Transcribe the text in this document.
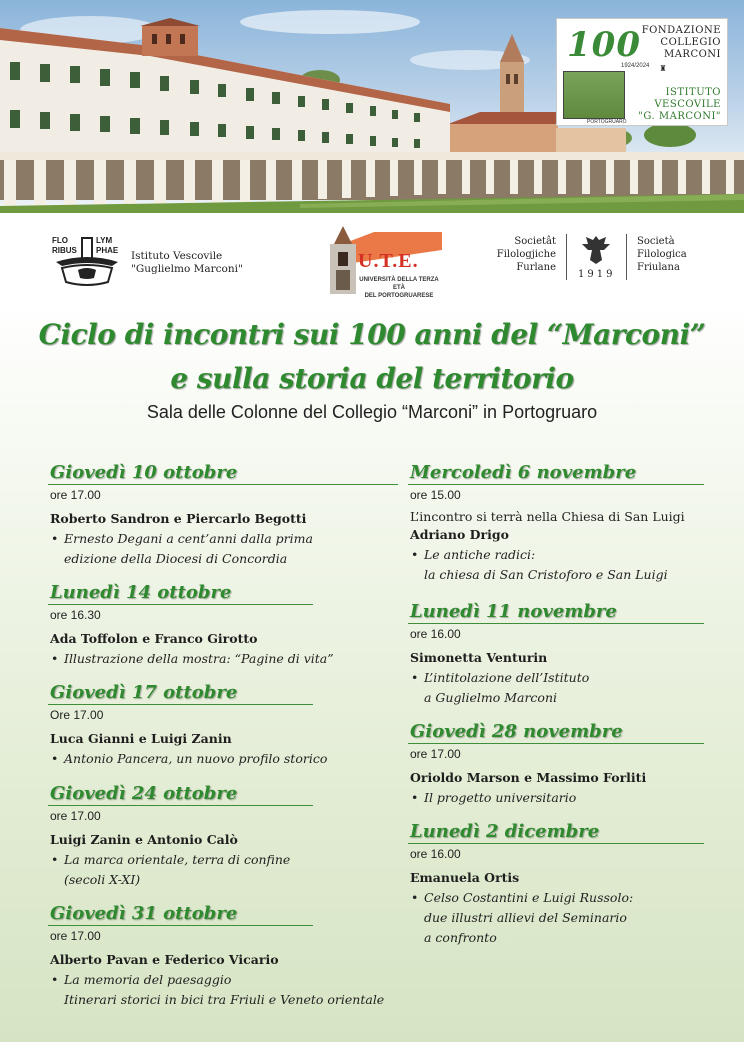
100
1924/2024
PORTOGRUARO
FONDAZIONE
COLLEGIO
MARCONI
♜
ISTITUTO
VESCOVILE
"G. MARCONI"
FLO	LYM
RIBUS PHAE Istituto Vescovile
"Guglielmo Marconi"	U.T.E.
UNIVERSITÀ DELLA TERZA ETÀ
DEL PORTOGRUARESE
Societât
Filologjiche
Furlane
1919
Società
Filologica
Friulana
Ciclo di incontri sui 100 anni del “Marconi”
e sulla storia del territorio
Sala delle Colonne del Collegio “Marconi” in Portogruaro
Giovedì 10 ottobre
ore 17.00
Roberto Sandron e Piercarlo Begotti
• Ernesto Degani a cent’anni dalla prima
edizione della Diocesi di Concordia
Lunedì 14 ottobre
ore 16.30
Ada Toffolon e Franco Girotto
• Illustrazione della mostra: “Pagine di vita”
Giovedì 17 ottobre
Ore 17.00
Luca Gianni e Luigi Zanin
• Antonio Pancera, un nuovo profilo storico
Giovedì 24 ottobre
ore 17.00
Luigi Zanin e Antonio Calò
• La marca orientale, terra di confine
(secoli X-XI)
Giovedì 31 ottobre
ore 17.00
Alberto Pavan e Federico Vicario
• La memoria del paesaggio
Itinerari storici in bici tra Friuli e Veneto orientale
Mercoledì 6 novembre
ore 15.00
L’incontro si terrà nella Chiesa di San Luigi
Adriano Drigo
• Le antiche radici:
la chiesa di San Cristoforo e San Luigi
Lunedì 11 novembre
ore 16.00
Simonetta Venturin
• L’intitolazione dell’Istituto
a Guglielmo Marconi
Giovedì 28 novembre
ore 17.00
Orioldo Marson e Massimo Forliti
• Il progetto universitario
Lunedì 2 dicembre
ore 16.00
Emanuela Ortis
• Celso Costantini e Luigi Russolo:
due illustri allievi del Seminario
a confronto
